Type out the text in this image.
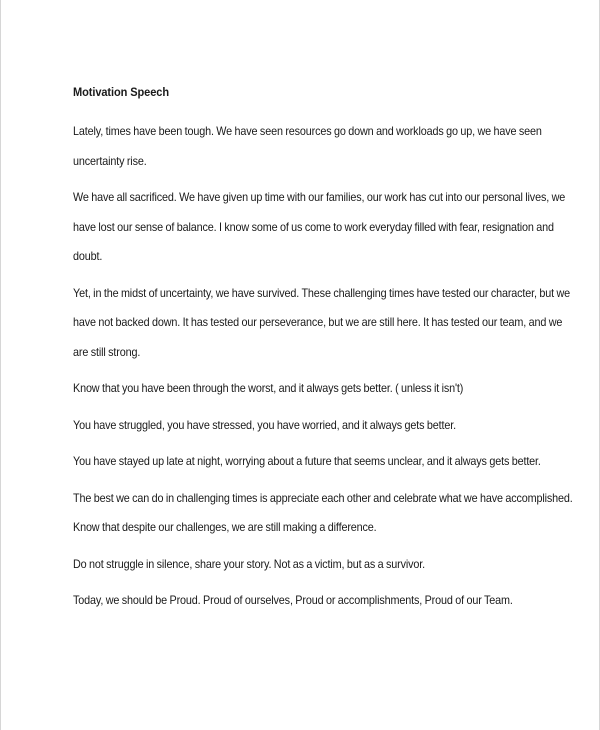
Motivation Speech
Lately, times have been tough. We have seen resources go down and workloads go up, we have seen
uncertainty rise.
We have all sacrificed. We have given up time with our families, our work has cut into our personal lives, we
have lost our sense of balance. I know some of us come to work everyday filled with fear, resignation and
doubt.
Yet, in the midst of uncertainty, we have survived. These challenging times have tested our character, but we
have not backed down. It has tested our perseverance, but we are still here. It has tested our team, and we
are still strong.
Know that you have been through the worst, and it always gets better. ( unless it isn't)
You have struggled, you have stressed, you have worried, and it always gets better.
You have stayed up late at night, worrying about a future that seems unclear, and it always gets better.
The best we can do in challenging times is appreciate each other and celebrate what we have accomplished.
Know that despite our challenges, we are still making a difference.
Do not struggle in silence, share your story. Not as a victim, but as a survivor.
Today, we should be Proud. Proud of ourselves, Proud or accomplishments, Proud of our Team.
